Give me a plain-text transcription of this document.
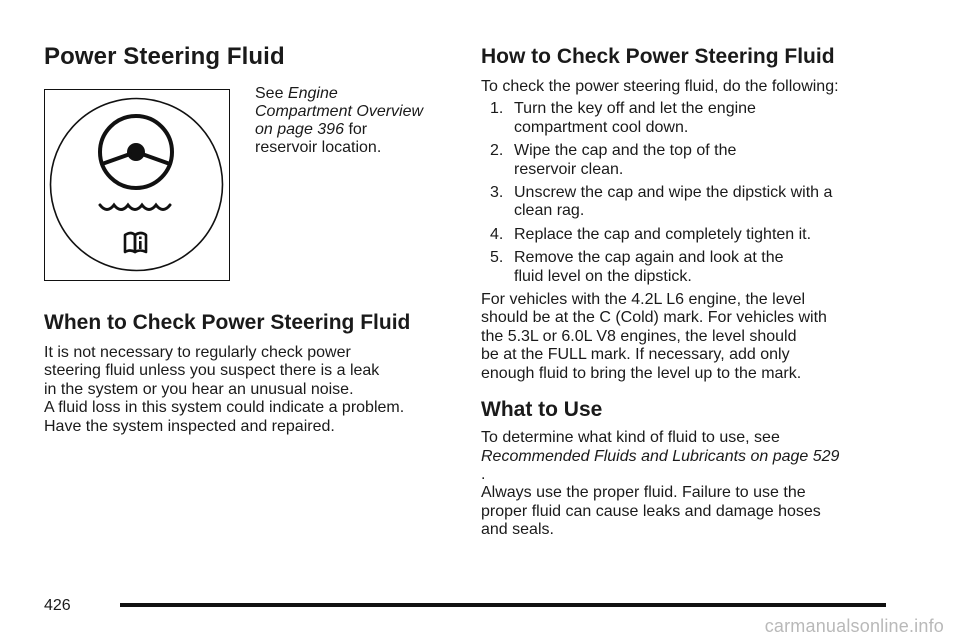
Power Steering Fluid
See Engine
Compartment Overview
on page 396 for
reservoir location.
When to Check Power Steering Fluid

It is not necessary to regularly check power
steering fluid unless you suspect there is a leak
in the system or you hear an unusual noise.
A fluid loss in this system could indicate a problem.
Have the system inspected and repaired.

How to Check Power Steering Fluid

To check the power steering fluid, do the following:

1. Turn the key off and let the engine
compartment cool down.
2. Wipe the cap and the top of the
reservoir clean.
3. Unscrew the cap and wipe the dipstick with a
clean rag.
4. Replace the cap and completely tighten it.
5. Remove the cap again and look at the
fluid level on the dipstick.

For vehicles with the 4.2L L6 engine, the level
should be at the C (Cold) mark. For vehicles with
the 5.3L or 6.0L V8 engines, the level should
be at the FULL mark. If necessary, add only
enough fluid to bring the level up to the mark.

What to Use

To determine what kind of fluid to use, see
Recommended Fluids and Lubricants on page 529
.
Always use the proper fluid. Failure to use the
proper fluid can cause leaks and damage hoses
and seals.

426
carmanualsonline.info
